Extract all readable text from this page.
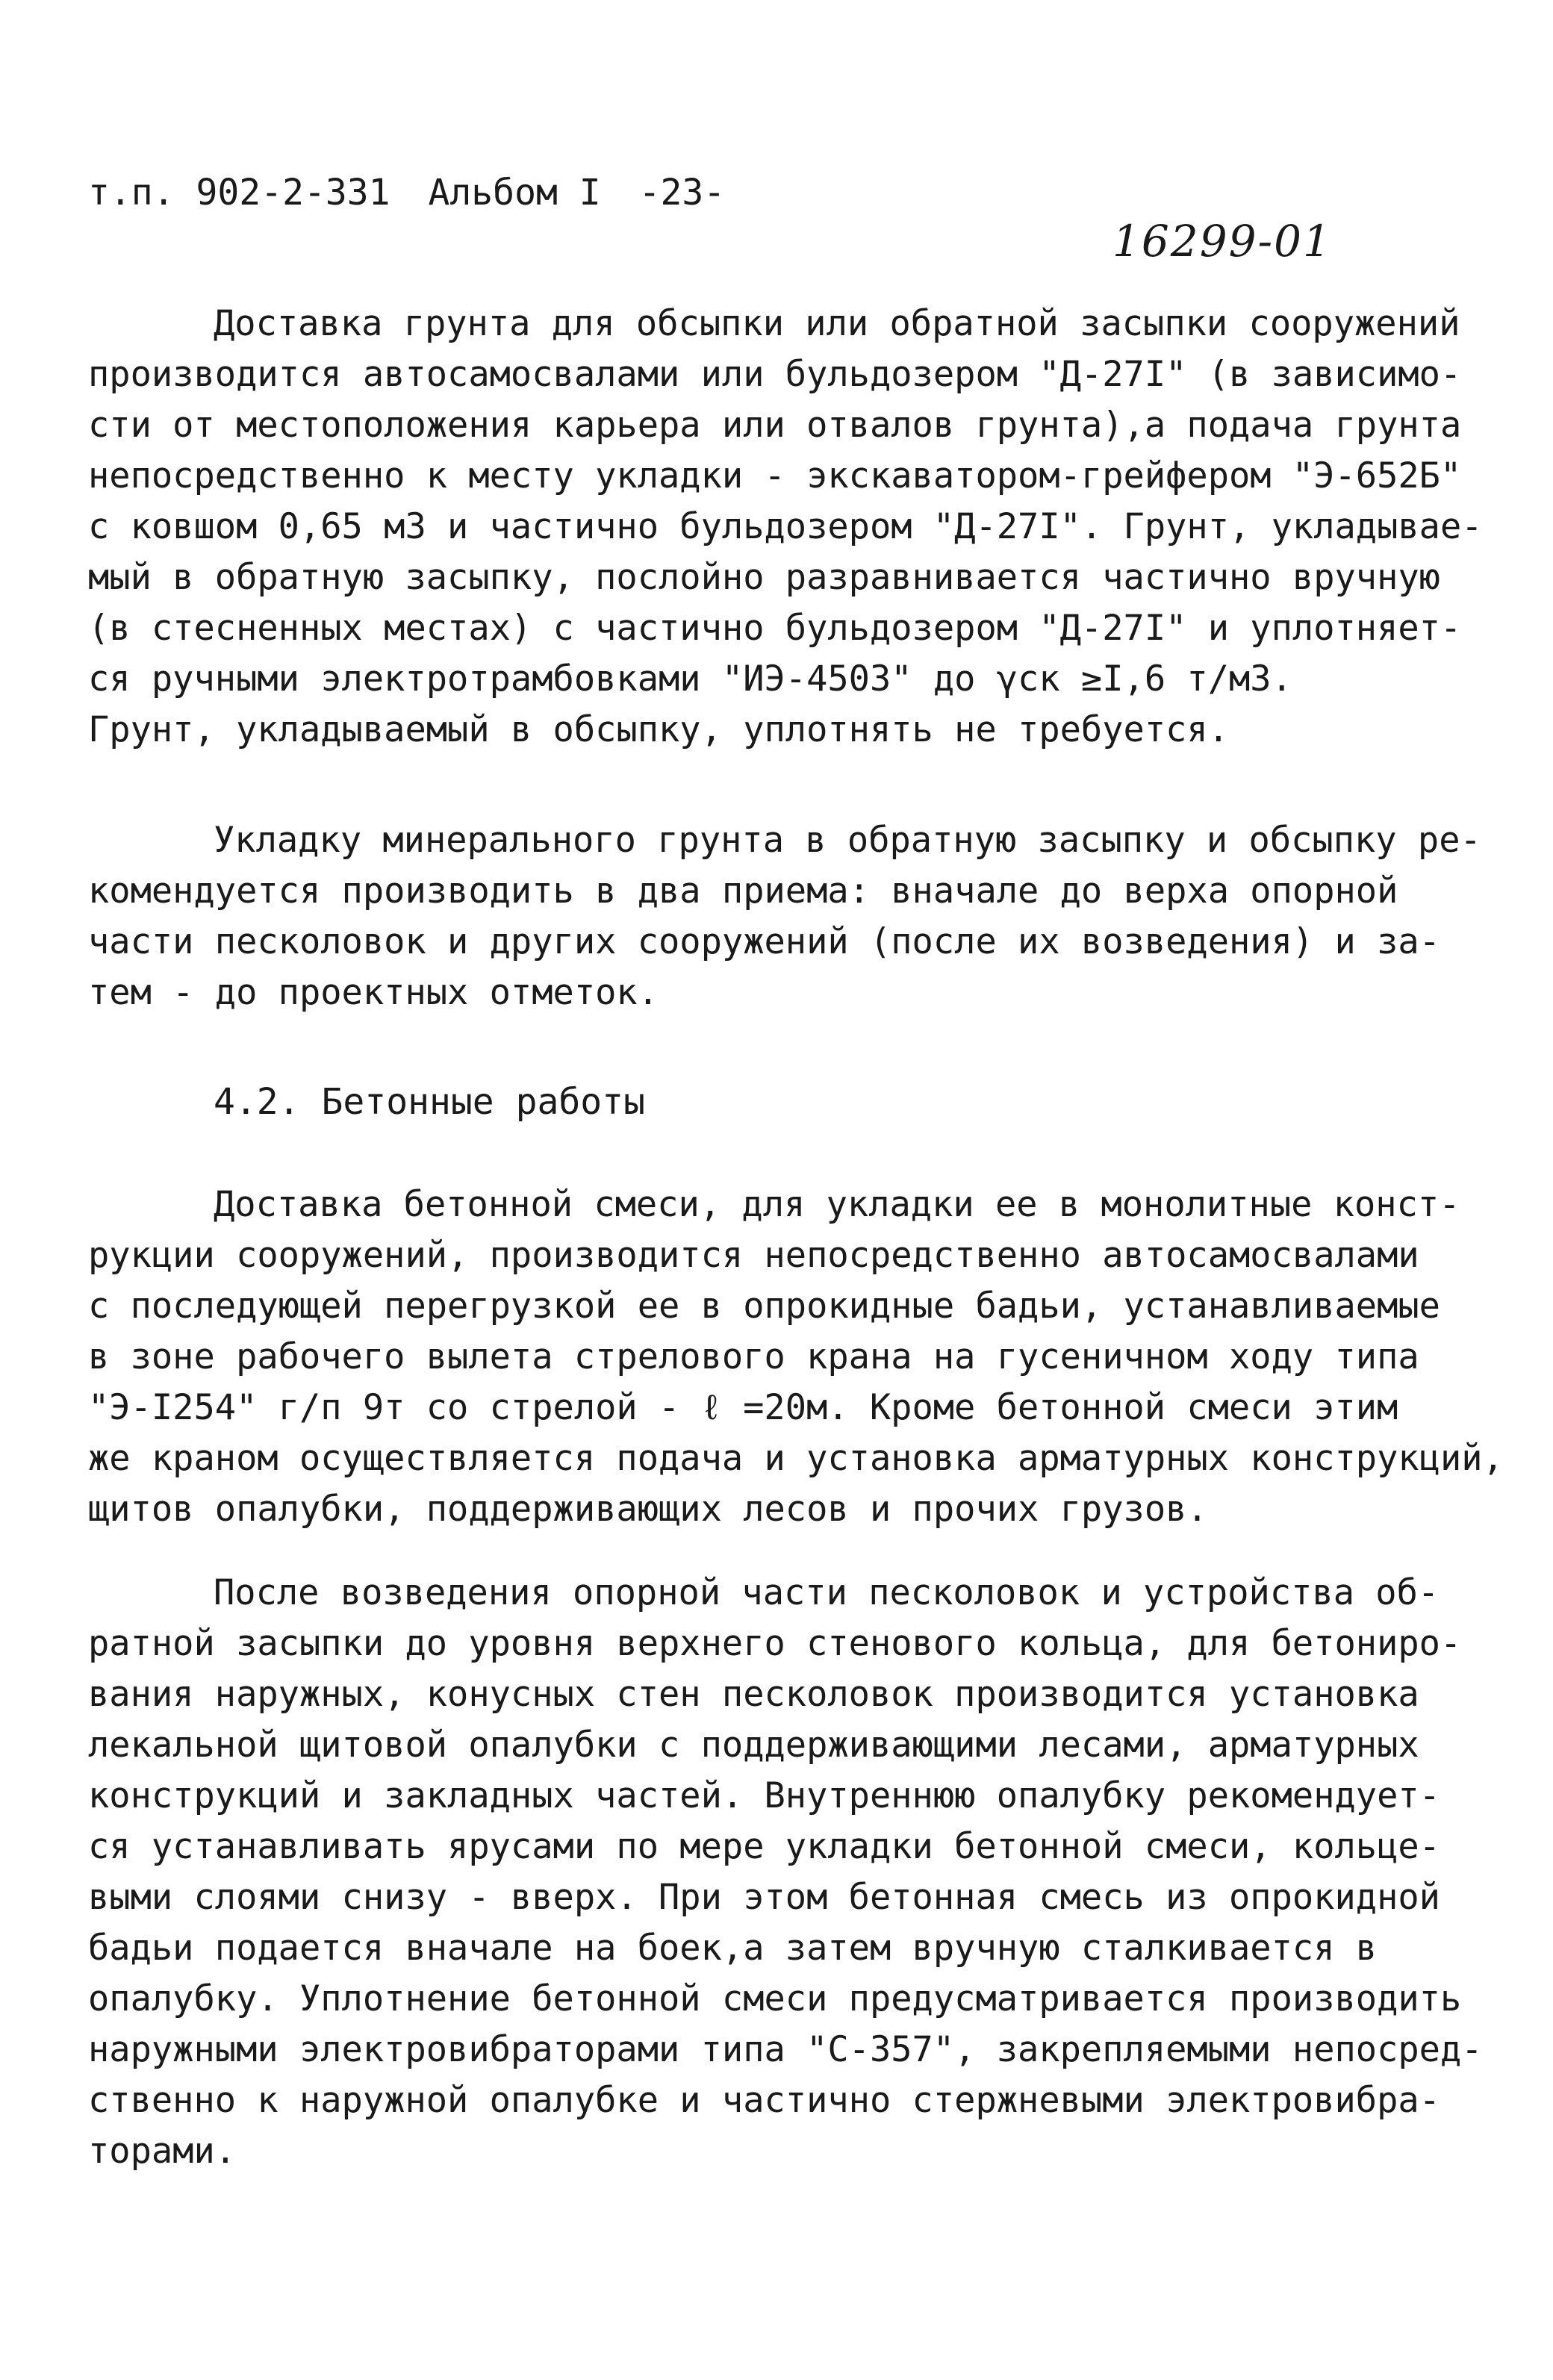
т.п. 902-2-331 Альбом I -23-
16299-01
Доставка грунта для обсыпки или обратной засыпки сооружений
производится автосамосвалами или бульдозером "Д-27I" (в зависимо-
сти от местоположения карьера или отвалов грунта),а подача грунта
непосредственно к месту укладки - экскаватором-грейфером "Э-652Б"
с ковшом 0,65 м3 и частично бульдозером "Д-27I". Грунт, укладывае-
мый в обратную засыпку, послойно разравнивается частично вручную
(в стесненных местах) с частично бульдозером "Д-27I" и уплотняет-
ся ручными электротрамбовками "ИЭ-4503" до γск ≥I,6 т/м3.
Грунт, укладываемый в обсыпку, уплотнять не требуется.
Укладку минерального грунта в обратную засыпку и обсыпку ре-
комендуется производить в два приема: вначале до верха опорной
части песколовок и других сооружений (после их возведения) и за-
тем - до проектных отметок.
4.2. Бетонные работы
Доставка бетонной смеси, для укладки ее в монолитные конст-
рукции сооружений, производится непосредственно автосамосвалами
с последующей перегрузкой ее в опрокидные бадьи, устанавливаемые
в зоне рабочего вылета стрелового крана на гусеничном ходу типа
"Э-I254" г/п 9т со стрелой - ℓ =20м. Кроме бетонной смеси этим
же краном осуществляется подача и установка арматурных конструкций,
щитов опалубки, поддерживающих лесов и прочих грузов.
После возведения опорной части песколовок и устройства об-
ратной засыпки до уровня верхнего стенового кольца, для бетониро-
вания наружных, конусных стен песколовок производится установка
лекальной щитовой опалубки с поддерживающими лесами, арматурных
конструкций и закладных частей. Внутреннюю опалубку рекомендует-
ся устанавливать ярусами по мере укладки бетонной смеси, кольце-
выми слоями снизу - вверх. При этом бетонная смесь из опрокидной
бадьи подается вначале на боек,а затем вручную сталкивается в
опалубку. Уплотнение бетонной смеси предусматривается производить
наружными электровибраторами типа "С-357", закрепляемыми непосред-
ственно к наружной опалубке и частично стержневыми электровибра-
торами.
